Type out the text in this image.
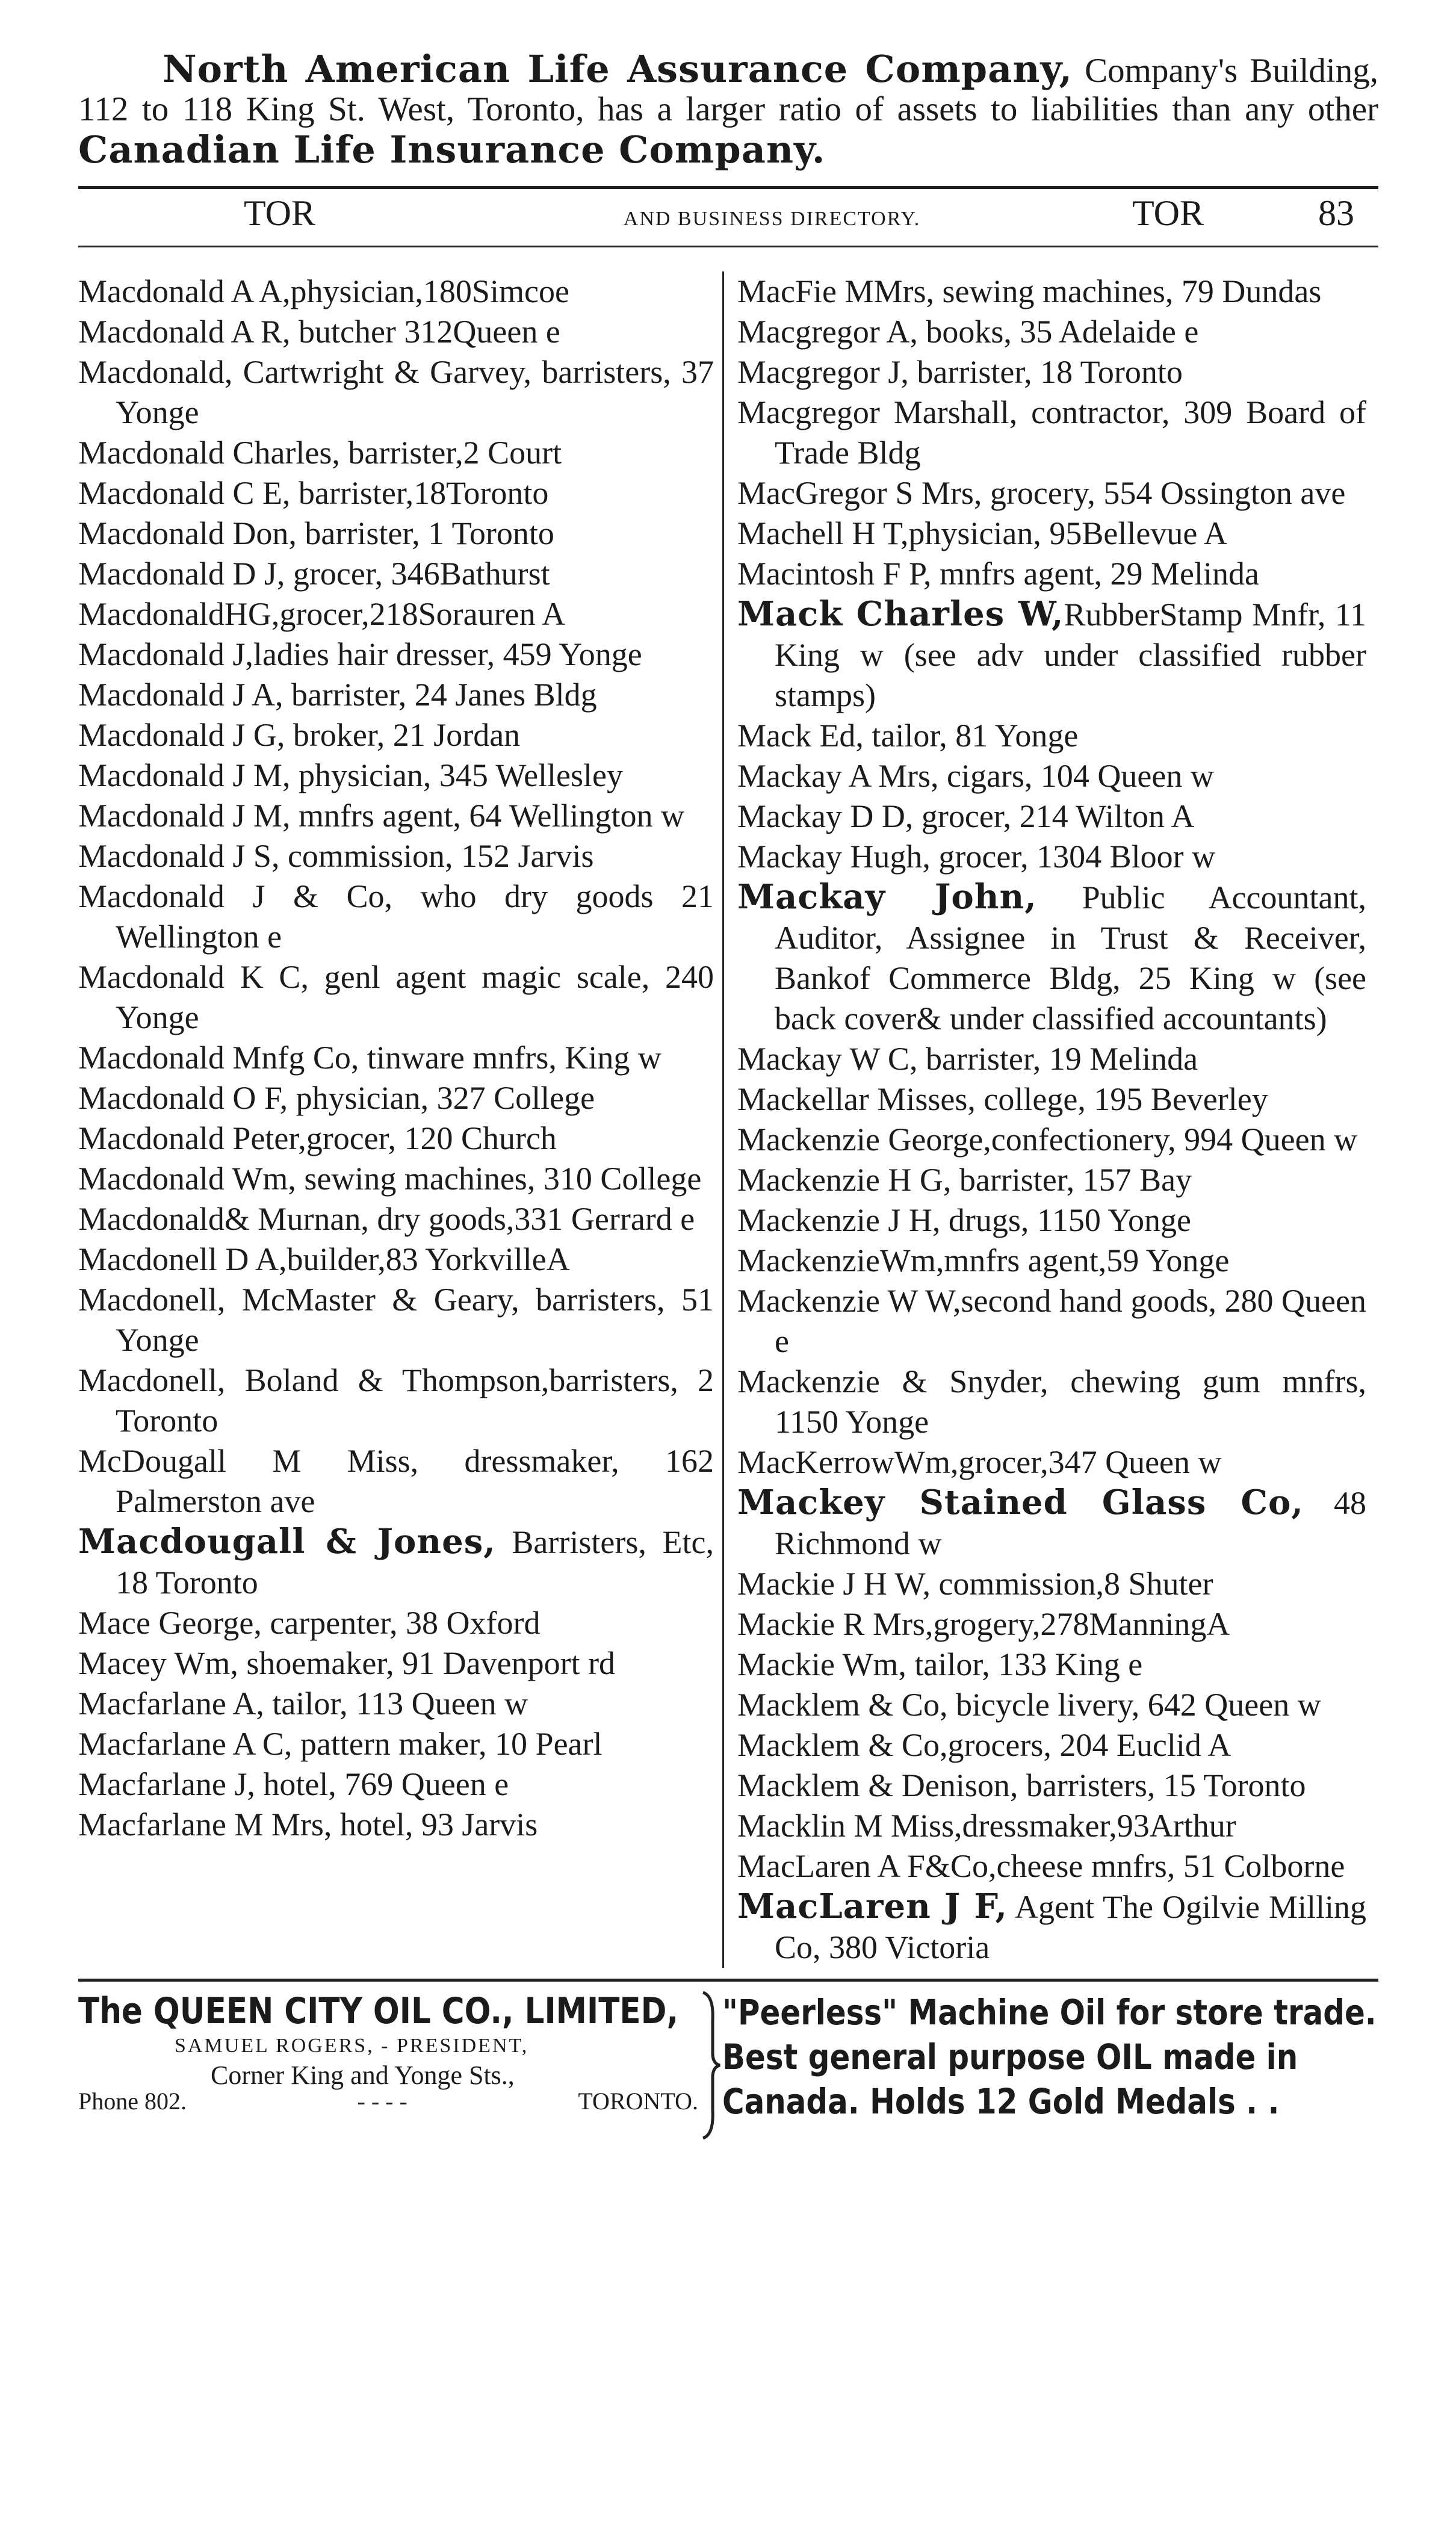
North American Life Assurance Company, Company's Building, 112 to 118 King St. West, Toronto, has a larger ratio of assets to liabilities than any other Canadian Life Insurance Company.
TOR	AND BUSINESS DIRECTORY.	TOR	83
Macdonald A A,physician,180Simcoe
Macdonald A R, butcher 312Queen e
Macdonald, Cartwright & Garvey, barristers, 37 Yonge
Macdonald Charles, barrister,2 Court
Macdonald C E, barrister,18Toronto
Macdonald Don, barrister, 1 Toronto
Macdonald D J, grocer, 346Bathurst
MacdonaldHG,grocer,218Sorauren A
Macdonald J,ladies hair dresser, 459 Yonge
Macdonald J A, barrister, 24 Janes Bldg
Macdonald J G, broker, 21 Jordan
Macdonald J M, physician, 345 Wellesley
Macdonald J M, mnfrs agent, 64 Wellington w
Macdonald J S, commission, 152 Jarvis
Macdonald J & Co, who dry goods 21 Wellington e
Macdonald K C, genl agent magic scale, 240 Yonge
Macdonald Mnfg Co, tinware mnfrs, King w
Macdonald O F, physician, 327 College
Macdonald Peter,grocer, 120 Church
Macdonald Wm, sewing machines, 310 College
Macdonald& Murnan, dry goods,331 Gerrard e
Macdonell D A,builder,83 YorkvilleA
Macdonell, McMaster & Geary, barristers, 51 Yonge
Macdonell, Boland & Thompson,barristers, 2 Toronto
McDougall M Miss, dressmaker, 162 Palmerston ave
Macdougall & Jones, Barristers, Etc, 18 Toronto
Mace George, carpenter, 38 Oxford
Macey Wm, shoemaker, 91 Davenport rd
Macfarlane A, tailor, 113 Queen w
Macfarlane A C, pattern maker, 10 Pearl
Macfarlane J, hotel, 769 Queen e
Macfarlane M Mrs, hotel, 93 Jarvis
MacFie MMrs, sewing machines, 79 Dundas
Macgregor A, books, 35 Adelaide e
Macgregor J, barrister, 18 Toronto
Macgregor Marshall, contractor, 309 Board of Trade Bldg
MacGregor S Mrs, grocery, 554 Ossington ave
Machell H T,physician, 95Bellevue A
Macintosh F P, mnfrs agent, 29 Melinda
Mack Charles W,RubberStamp Mnfr, 11 King w (see adv under classified rubber stamps)
Mack Ed, tailor, 81 Yonge
Mackay A Mrs, cigars, 104 Queen w
Mackay D D, grocer, 214 Wilton A
Mackay Hugh, grocer, 1304 Bloor w
Mackay John, Public Accountant, Auditor, Assignee in Trust & Receiver, Bankof Commerce Bldg, 25 King w (see back cover& under classified accountants)
Mackay W C, barrister, 19 Melinda
Mackellar Misses, college, 195 Beverley
Mackenzie George,confectionery, 994 Queen w
Mackenzie H G, barrister, 157 Bay
Mackenzie J H, drugs, 1150 Yonge
MackenzieWm,mnfrs agent,59 Yonge
Mackenzie W W,second hand goods, 280 Queen e
Mackenzie & Snyder, chewing gum mnfrs, 1150 Yonge
MacKerrowWm,grocer,347 Queen w
Mackey Stained Glass Co, 48 Richmond w
Mackie J H W, commission,8 Shuter
Mackie R Mrs,grogery,278ManningA
Mackie Wm, tailor, 133 King e
Macklem & Co, bicycle livery, 642 Queen w
Macklem & Co,grocers, 204 Euclid A
Macklem & Denison, barristers, 15 Toronto
Macklin M Miss,dressmaker,93Arthur
MacLaren A F&Co,cheese mnfrs, 51 Colborne
MacLaren J F, Agent The Ogilvie Milling Co, 380 Victoria
The QUEEN CITY OIL CO., LIMITED,
SAMUEL ROGERS, - PRESIDENT,
Corner King and Yonge Sts.,
Phone 802.	- - - -	TORONTO.
"Peerless" Machine Oil for store trade.
Best general purpose OIL made in
Canada. Holds 12 Gold Medals . .
